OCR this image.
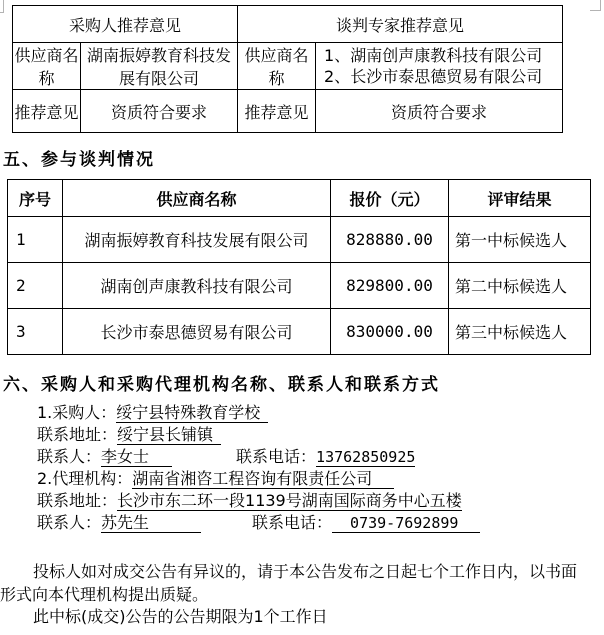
采购人推荐意见		谈判专家推荐意见	
供应商名称	湖南振婷教育科技发展有限公司	供应商名称	1、湖南创声康教科技有限公司
2、长沙市泰思德贸易有限公司

推荐意见	资质符合要求	推荐意见	资质符合要求
五、参与谈判情况
序号	供应商名称	报价（元）	评审结果
1	湖南振婷教育科技发展有限公司	828880.00	第一中标候选人
2	湖南创声康教科技有限公司	829800.00	第二中标候选人
3	长沙市泰思德贸易有限公司	830000.00	第三中标候选人
六、采购人和采购代理机构名称、联系人和联系方式
1.采购人：绥宁县特殊教育学校
联系地址：绥宁县长铺镇
联系人：李女士	联系电话：13762850925
2.代理机构：湖南省湘咨工程咨询有限责任公司
联系地址：长沙市东二环一段1139号湖南国际商务中心五楼
联系人：苏先生	联系电话： 0739-7692899

投标人如对成交公告有异议的，请于本公告发布之日起七个工作日内，以书面形式向本代理机构提出质疑。

此中标(成交)公告的公告期限为1个工作日
